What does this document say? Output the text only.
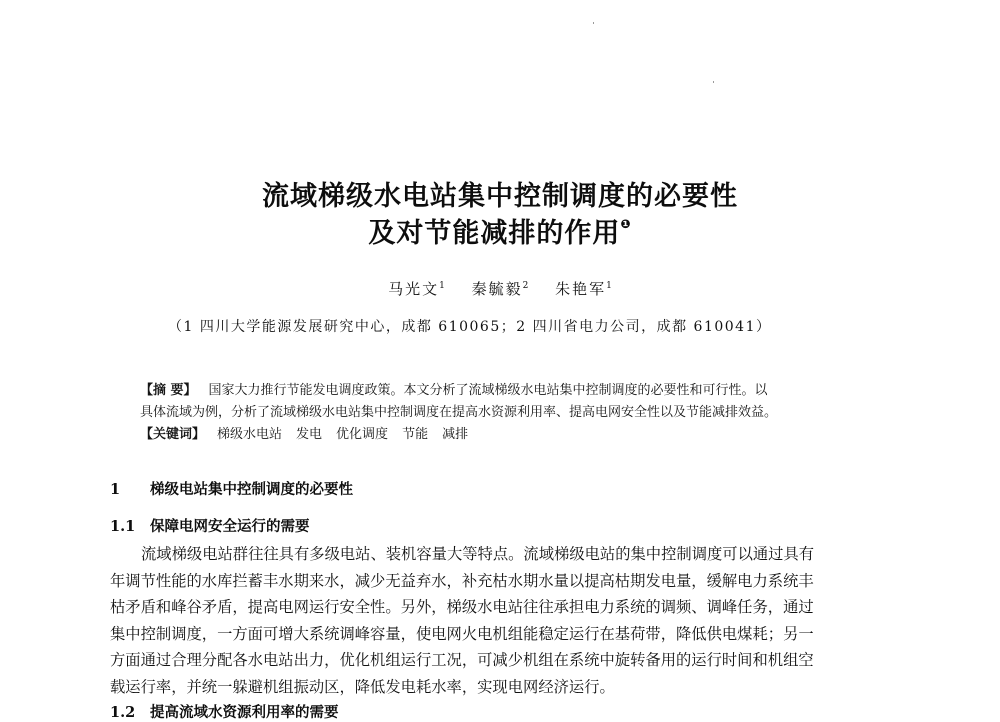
流域梯级水电站集中控制调度的必要性
及对节能减排的作用$^❶$
马光文$^1$ 秦毓毅$^2$ 朱艳军$^1$
（1 四川大学能源发展研究中心，成都 610065；2 四川省电力公司，成都 610041）
【摘 要】 国家大力推行节能发电调度政策。本文分析了流域梯级水电站集中控制调度的必要性和可行性。以
具体流域为例，分析了流域梯级水电站集中控制调度在提高水资源利用率、提高电网安全性以及节能减排效益。
【关键词】 梯级水电站 发电 优化调度 节能 减排
1 梯级电站集中控制调度的必要性
1.1 保障电网安全运行的需要
流域梯级电站群往往具有多级电站、装机容量大等特点。流域梯级电站的集中控制调度可以通过具有
年调节性能的水库拦蓄丰水期来水，减少无益弃水，补充枯水期水量以提高枯期发电量，缓解电力系统丰
枯矛盾和峰谷矛盾，提高电网运行安全性。另外，梯级水电站往往承担电力系统的调频、调峰任务，通过
集中控制调度，一方面可增大系统调峰容量，使电网火电机组能稳定运行在基荷带，降低供电煤耗；另一
方面通过合理分配各水电站出力，优化机组运行工况，可减少机组在系统中旋转备用的运行时间和机组空
载运行率，并统一躲避机组振动区，降低发电耗水率，实现电网经济运行。
1.2 提高流域水资源利用率的需要
